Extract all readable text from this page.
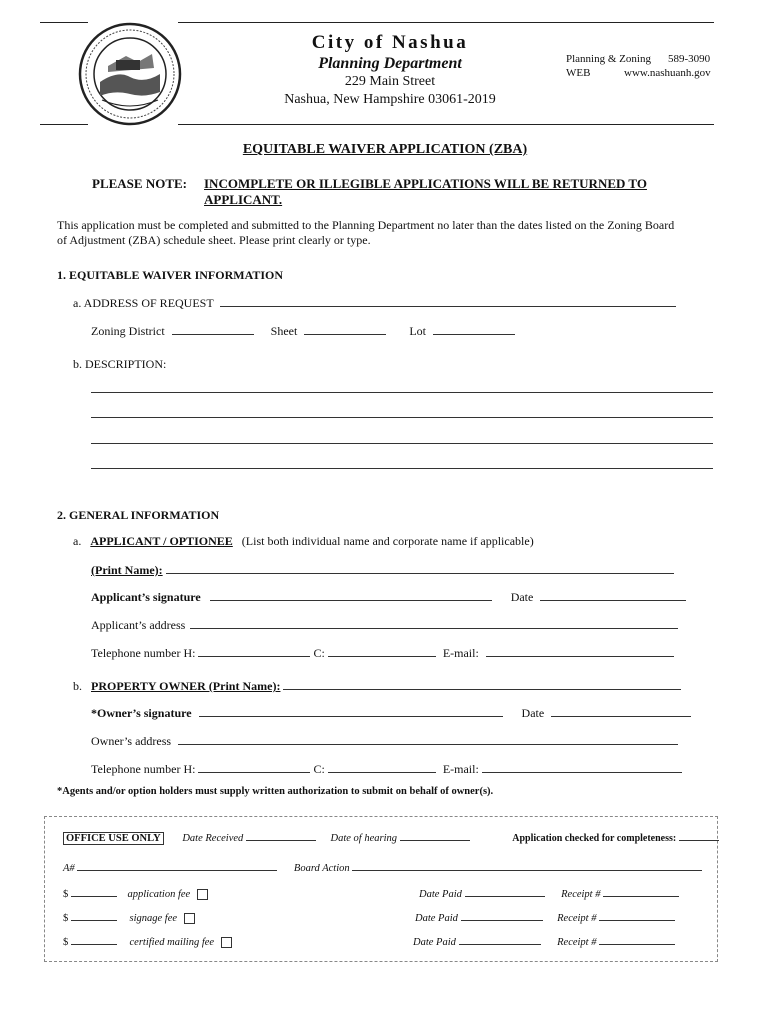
City of Nashua
Planning Department
229 Main Street
Nashua, New Hampshire 03061-2019
Planning & Zoning 589-3090
WEB	www.nashuanh.gov
EQUITABLE WAIVER APPLICATION (ZBA)
PLEASE NOTE: INCOMPLETE OR ILLEGIBLE APPLICATIONS WILL BE RETURNED TO
APPLICANT.
This application must be completed and submitted to the Planning Department no later than the dates listed on the Zoning Board
of Adjustment (ZBA) schedule sheet. Please print clearly or type.
1. EQUITABLE WAIVER INFORMATION
a. ADDRESS OF REQUEST
Zoning District	Sheet	Lot
b. DESCRIPTION:
2. GENERAL INFORMATION
a. APPLICANT / OPTIONEE (List both individual name and corporate name if applicable)
(Print Name):
Applicant’s signature	Date
Applicant’s address
Telephone number H:	C:	E-mail:
b. PROPERTY OWNER (Print Name):
*Owner’s signature	Date
Owner’s address
Telephone number H:	C:	E-mail:
*Agents and/or option holders must supply written authorization to submit on behalf of owner(s).
OFFICE USE ONLY Date Received	Date of hearing	Application checked for completeness:
A#	Board Action
$	application fee	Date Paid	Receipt #
$	signage fee	Date Paid	Receipt #
$	certified mailing fee	Date Paid	Receipt #
